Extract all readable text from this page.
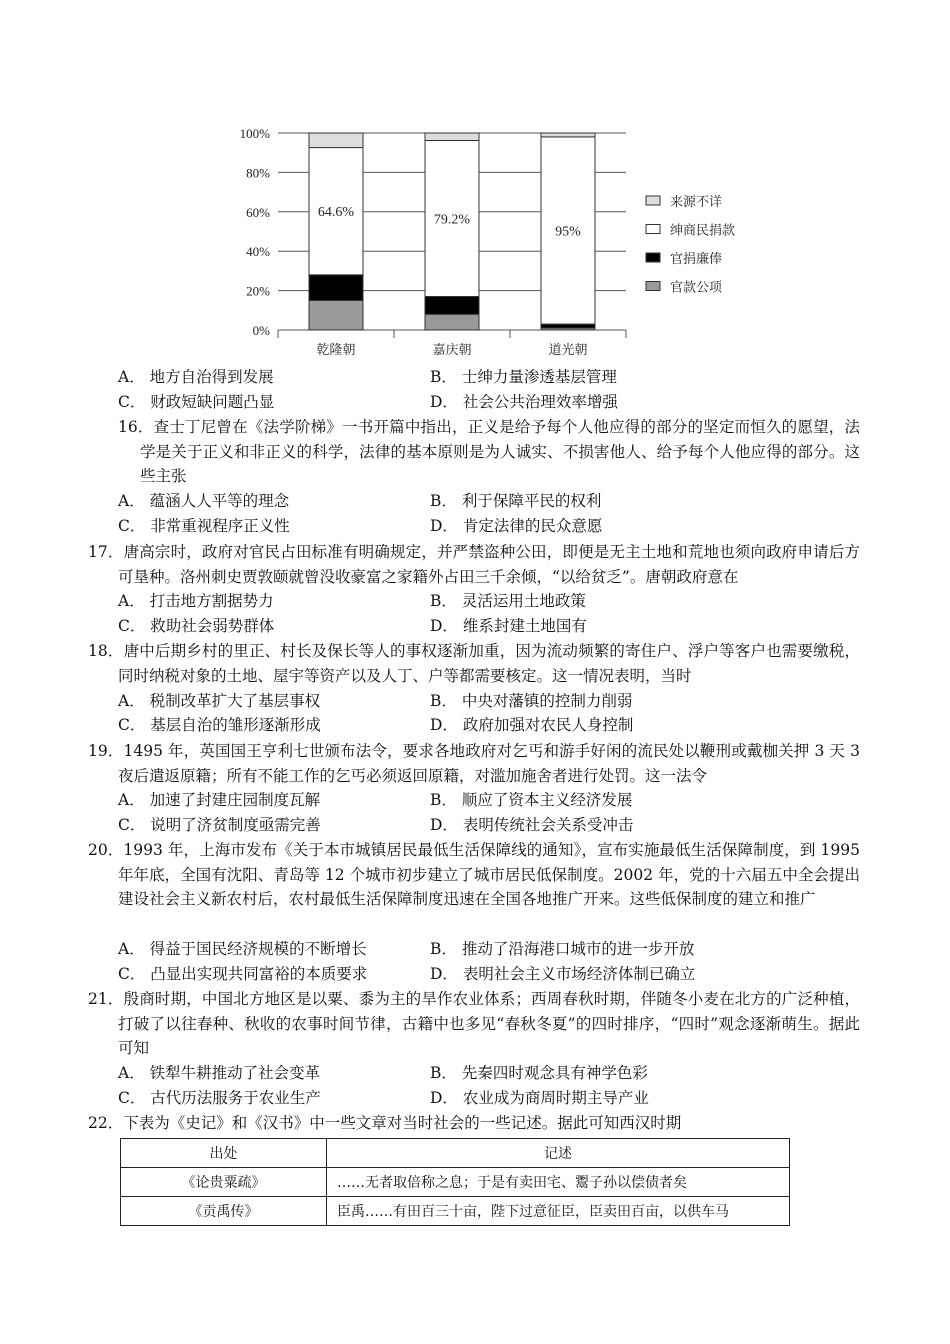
0%
20%
40%
60%
80%
100%
64.6%
乾隆朝
79.2%
嘉庆朝
95%
道光朝
来源不详
绅商民捐款
官捐廉俸
官款公项
A． 地方自治得到发展	B． 士绅力量渗透基层管理
C． 财政短缺问题凸显	D． 社会公共治理效率增强
16．查士丁尼曾在《法学阶梯》一书开篇中指出，正义是给予每个人他应得的部分的坚定而恒久的愿望，法学是关于正义和非正义的科学，法律的基本原则是为人诚实、不损害他人、给予每个人他应得的部分。这些主张
A． 蕴涵人人平等的理念	B． 利于保障平民的权利
C． 非常重视程序正义性	D． 肯定法律的民众意愿
17．唐高宗时，政府对官民占田标准有明确规定，并严禁盗种公田，即便是无主土地和荒地也须向政府申请后方可垦种。洛州刺史贾敦颐就曾没收豪富之家籍外占田三千余倾，“以给贫乏”。唐朝政府意在
A． 打击地方割据势力	B． 灵活运用土地政策
C． 救助社会弱势群体	D． 维系封建土地国有
18．唐中后期乡村的里正、村长及保长等人的事权逐渐加重，因为流动频繁的寄住户、浮户等客户也需要缴税，同时纳税对象的土地、屋宇等资产以及人丁、户等都需要核定。这一情况表明，当时
A． 税制改革扩大了基层事权	B． 中央对藩镇的控制力削弱
C． 基层自治的雏形逐渐形成	D． 政府加强对农民人身控制
19．1495 年，英国国王亨利七世颁布法令，要求各地政府对乞丐和游手好闲的流民处以鞭刑或戴枷关押 3 天 3 夜后遣返原籍；所有不能工作的乞丐必须返回原籍，对滥加施舍者进行处罚。这一法令
A． 加速了封建庄园制度瓦解	B． 顺应了资本主义经济发展
C． 说明了济贫制度亟需完善	D． 表明传统社会关系受冲击
20．1993 年，上海市发布《关于本市城镇居民最低生活保障线的通知》，宣布实施最低生活保障制度，到 1995 年年底，全国有沈阳、青岛等 12 个城市初步建立了城市居民低保制度。2002 年，党的十六届五中全会提出建设社会主义新农村后，农村最低生活保障制度迅速在全国各地推广开来。这些低保制度的建立和推广
A． 得益于国民经济规模的不断增长	B． 推动了沿海港口城市的进一步开放
C． 凸显出实现共同富裕的本质要求	D． 表明社会主义市场经济体制已确立
21．殷商时期，中国北方地区是以粟、黍为主的旱作农业体系；西周春秋时期，伴随冬小麦在北方的广泛种植，打破了以往春种、秋收的农事时间节律，古籍中也多见“春秋冬夏”的四时排序，“四时”观念逐渐萌生。据此可知
A． 铁犁牛耕推动了社会变革	B． 先秦四时观念具有神学色彩
C． 古代历法服务于农业生产	D． 农业成为商周时期主导产业
22．下表为《史记》和《汉书》中一些文章对当时社会的一些记述。据此可知西汉时期
出处	记述
《论贵粟疏》	……无者取倍称之息；于是有卖田宅、鬻子孙以偿债者矣
《贡禹传》	臣禹……有田百三十亩，陛下过意征臣，臣卖田百亩，以供车马
